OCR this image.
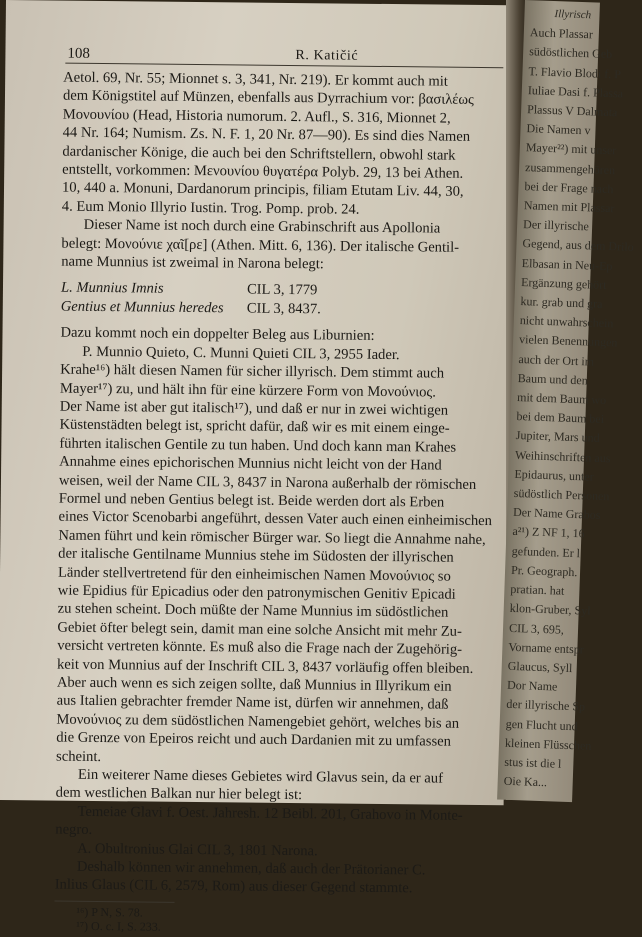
108	R. Katičić
Aetol. 69, Nr. 55; Mionnet s. 3, 341, Nr. 219). Er kommt auch mit
dem Königstitel auf Münzen, ebenfalls aus Dyrrachium vor: βασιλέως
Μονουνίου (Head, Historia numorum. 2. Aufl., S. 316, Mionnet 2,
44 Nr. 164; Numism. Zs. N. F. 1, 20 Nr. 87—90). Es sind dies Namen
dardanischer Könige, die auch bei den Schriftstellern, obwohl stark
entstellt, vorkommen: Μενουνίου θυγατέρα Polyb. 29, 13 bei Athen.
10, 440 a. Monuni, Dardanorum principis, filiam Etutam Liv. 44, 30,
4. Eum Monio Illyrio Iustin. Trog. Pomp. prob. 24.
Dieser Name ist noch durch eine Grabinschrift aus Apollonia
belegt: Μονούνιε χαῖ[ρε] (Athen. Mitt. 6, 136). Der italische Gentil-
name Munnius ist zweimal in Narona belegt:
L. Munnius Imnis	CIL 3, 1779
Gentius et Munnius heredes	CIL 3, 8437.
Dazu kommt noch ein doppelter Beleg aus Liburnien:
P. Munnio Quieto, C. Munni Quieti CIL 3, 2955 Iader.
Krahe¹⁶) hält diesen Namen für sicher illyrisch. Dem stimmt auch
Mayer¹⁷) zu, und hält ihn für eine kürzere Form von Μονούνιος.
Der Name ist aber gut italisch¹⁷), und daß er nur in zwei wichtigen
Küstenstädten belegt ist, spricht dafür, daß wir es mit einem einge-
führten italischen Gentile zu tun haben. Und doch kann man Krahes
Annahme eines epichorischen Munnius nicht leicht von der Hand
weisen, weil der Name CIL 3, 8437 in Narona außerhalb der römischen
Formel und neben Gentius belegt ist. Beide werden dort als Erben
eines Victor Scenobarbi angeführt, dessen Vater auch einen einheimischen
Namen führt und kein römischer Bürger war. So liegt die Annahme nahe,
der italische Gentilname Munnius stehe im Südosten der illyrischen
Länder stellvertretend für den einheimischen Namen Μονούνιος so
wie Epidius für Epicadius oder den patronymischen Genitiv Epicadi
zu stehen scheint. Doch müßte der Name Munnius im südöstlichen
Gebiet öfter belegt sein, damit man eine solche Ansicht mit mehr Zu-
versicht vertreten könnte. Es muß also die Frage nach der Zugehörig-
keit von Munnius auf der Inschrift CIL 3, 8437 vorläufig offen bleiben.
Aber auch wenn es sich zeigen sollte, daß Munnius in Illyrikum ein
aus Italien gebrachter fremder Name ist, dürfen wir annehmen, daß
Μονούνιος zu dem südöstlichen Namengebiet gehört, welches bis an
die Grenze von Epeiros reicht und auch Dardanien mit zu umfassen
scheint.
Ein weiterer Name dieses Gebietes wird Glavus sein, da er auf
dem westlichen Balkan nur hier belegt ist:
Temeiae Glavi f. Oest. Jahresh. 12 Beibl. 201, Grahovo in Monte-
negro.
A. Obultronius Glai CIL 3, 1801 Narona.
Deshalb können wir annehmen, daß auch der Prätorianer C.
Inlius Glaus (CIL 6, 2579, Rom) aus dieser Gegend stammte.
¹⁶) P N, S. 78.
¹⁷) O. c. I, S. 233.
Illyrisch
Auch Plassar
südöstlichen Geb
T. Flavio Blodi f. P
Iuliae Dasi f. Plassa
Plassus V Dalmata
Die Namen v
Mayer²²) mit unser
zusammengehören
bei der Frage nach
Namen mit Plassar
Der illyrische
Gegend, aus dem Drilo
Elbasan in Neu-Ep
Ergänzung gehört
kur. grab und gra
nicht unwahrschein
vielen Benennungen
auch der Ort im
Baum und den
mit dem Baum wo
bei dem Baum bei
Jupiter, Mars und
Weihinschriften aus
Epidaurus, unter
südöstlich Personen
Der Name Grabos
a²¹) Z NF 1, 16
gefunden. Er l
Pr. Geograph.
pratian. hat
klon-Gruber, Syl
CIL 3, 695,
Vorname entspr
Glaucus, Syll
Dor Name
der illyrische Sp
gen Flucht und
kleinen Flüsschen
stus ist die l
Oie Ka...
